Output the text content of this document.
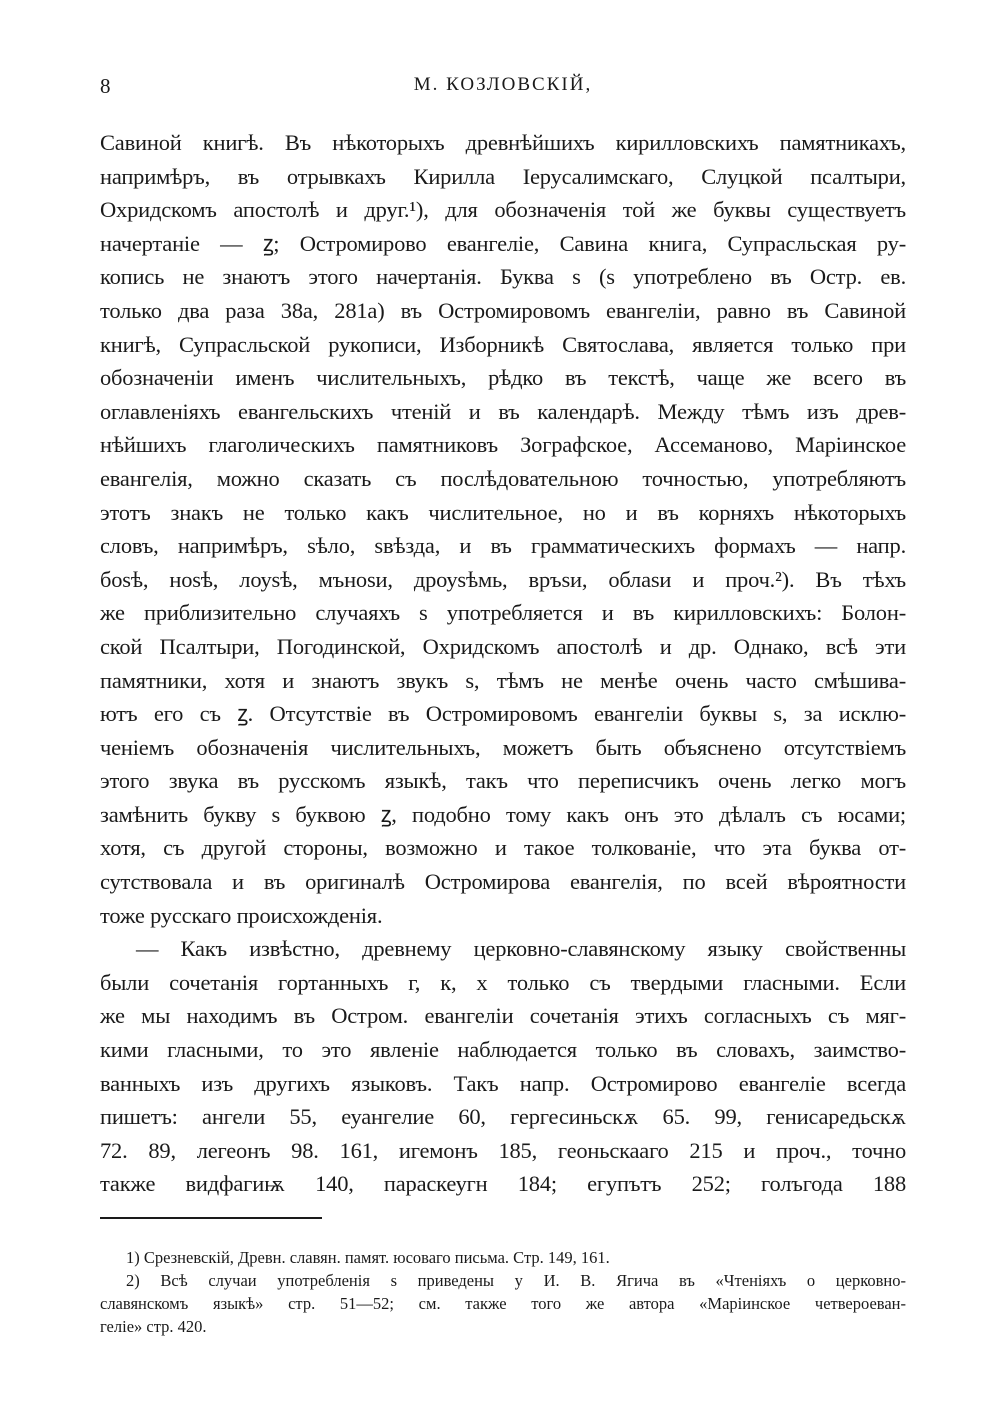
8	М. КОЗЛОВСКІЙ,
Савиной книгѣ. Въ нѣкоторыхъ древнѣйшихъ кирилловскихъ памятникахъ,
напримѣръ, въ отрывкахъ Кирилла Іерусалимскаго, Слуцкой псалтыри,
Охридскомъ апостолѣ и друг.¹), для обозначенія той же буквы существуетъ
начертаніе — ꙁ; Остромирово евангеліе, Савина книга, Супрасльская ру-
копись не знаютъ этого начертанія. Буква ѕ (ѕ употреблено въ Остр. ев.
только два раза 38а, 281а) въ Остромировомъ евангеліи, равно въ Савиной
книгѣ, Супрасльской рукописи, Изборникѣ Святослава, является только при
обозначеніи именъ числительныхъ, рѣдко въ текстѣ, чаще же всего въ
оглавленіяхъ евангельскихъ чтеній и въ календарѣ. Между тѣмъ изъ древ-
нѣйшихъ глаголическихъ памятниковъ Зографское, Ассеманово, Маріинское
евангелія, можно сказать съ послѣдовательною точностью, употребляютъ
этотъ знакъ не только какъ числительное, но и въ корняхъ нѣкоторыхъ
словъ, напримѣръ, ѕѣло, ѕвѣзда, и въ грамматическихъ формахъ — напр.
боѕѣ, ноѕѣ, лоуѕѣ, мъноѕи, дроуѕѣмь, връѕи, облаѕи и проч.²). Въ тѣхъ
же приблизительно случаяхъ ѕ употребляется и въ кирилловскихъ: Болон-
ской Псалтыри, Погодинской, Охридскомъ апостолѣ и др. Однако, всѣ эти
памятники, хотя и знаютъ звукъ ѕ, тѣмъ не менѣе очень часто смѣшива-
ютъ его съ ꙁ. Отсутствіе въ Остромировомъ евангеліи буквы ѕ, за исклю-
ченіемъ обозначенія числительныхъ, можетъ быть объяснено отсутствіемъ
этого звука въ русскомъ языкѣ, такъ что переписчикъ очень легко могъ
замѣнить букву ѕ буквою ꙁ, подобно тому какъ онъ это дѣлалъ съ юсами;
хотя, съ другой стороны, возможно и такое толкованіе, что эта буква от-
сутствовала и въ оригиналѣ Остромирова евангелія, по всей вѣроятности
тоже русскаго происхожденія.
— Какъ извѣстно, древнему церковно-славянскому языку свойственны
были сочетанія гортанныхъ г, к, х только съ твердыми гласными. Если
же мы находимъ въ Остром. евангеліи сочетанія этихъ согласныхъ съ мяг-
кими гласными, то это явленіе наблюдается только въ словахъ, заимство-
ванныхъ изъ другихъ языковъ. Такъ напр. Остромирово евангеліе всегда
пишетъ: ангели 55, еуангелие 60, гергесиньскѫ 65. 99, генисаредьскѫ
72. 89, легеонъ 98. 161, игемонъ 185, геоньскааго 215 и проч., точно
также видфагиѭ 140, параскеугн 184; егупътъ 252; голъгода 188
1) Срезневскій, Древн. славян. памят. юсоваго письма. Стр. 149, 161.
2) Всѣ случаи употребленія ѕ приведены у И. В. Ягича въ «Чтеніяхъ о церковно-
славянскомъ языкѣ» стр. 51—52; см. также того же автора «Маріинское четвероеван-
геліе» стр. 420.
